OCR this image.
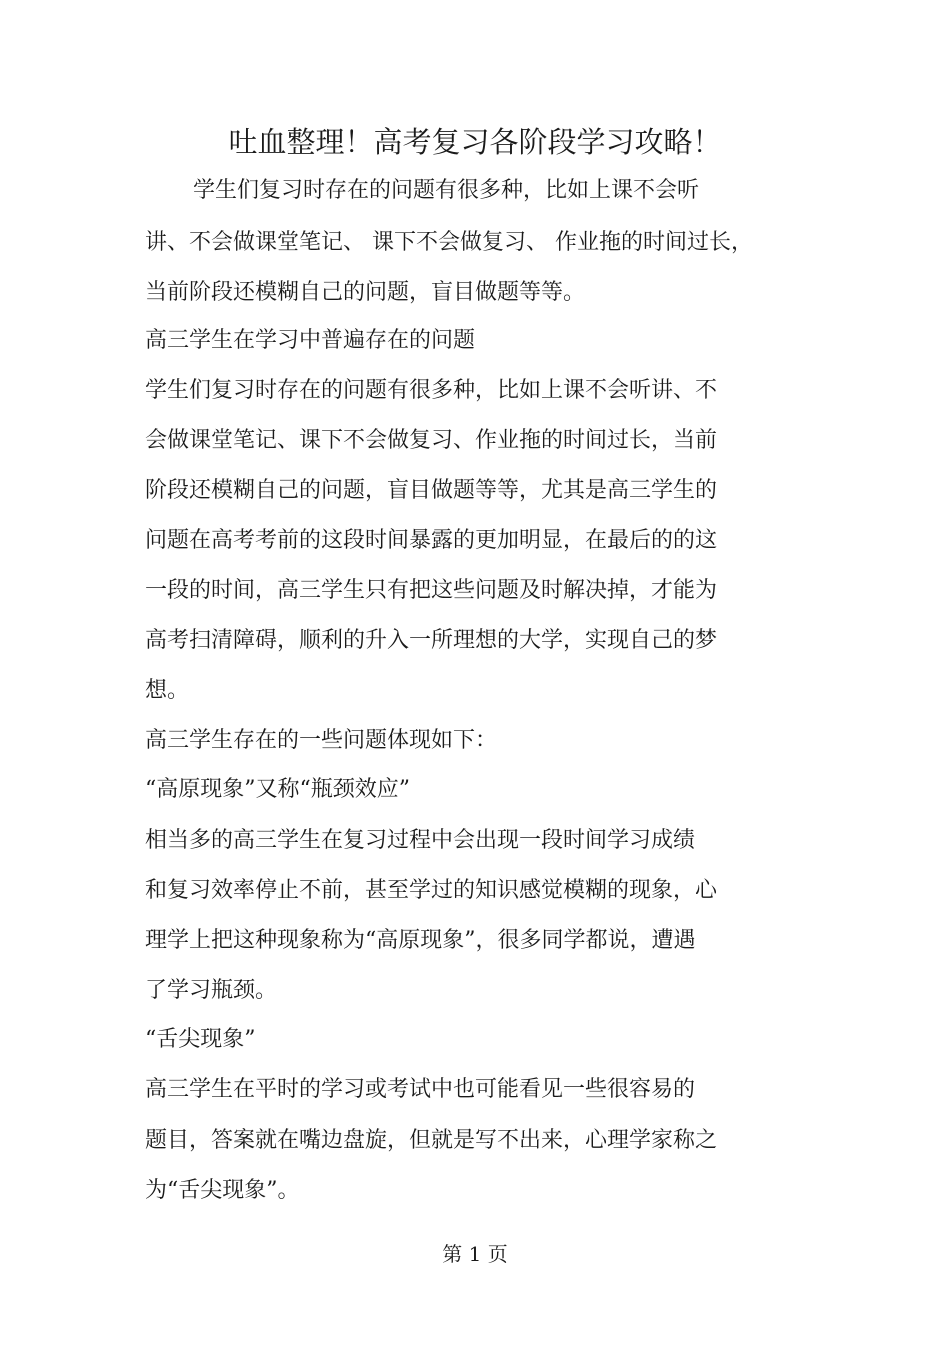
吐血整理！高考复习各阶段学习攻略！
学生们复习时存在的问题有很多种，比如上课不会听
讲、不会做课堂笔记、 课下不会做复习、 作业拖的时间过长，
当前阶段还模糊自己的问题，盲目做题等等。
高三学生在学习中普遍存在的问题
学生们复习时存在的问题有很多种，比如上课不会听讲、不
会做课堂笔记、课下不会做复习、作业拖的时间过长，当前
阶段还模糊自己的问题，盲目做题等等，尤其是高三学生的
问题在高考考前的这段时间暴露的更加明显，在最后的的这
一段的时间，高三学生只有把这些问题及时解决掉，才能为
高考扫清障碍，顺利的升入一所理想的大学，实现自己的梦
想。
高三学生存在的一些问题体现如下：
“高原现象”又称“瓶颈效应”
相当多的高三学生在复习过程中会出现一段时间学习成绩
和复习效率停止不前，甚至学过的知识感觉模糊的现象，心
理学上把这种现象称为“高原现象”，很多同学都说，遭遇
了学习瓶颈。
“舌尖现象”
高三学生在平时的学习或考试中也可能看见一些很容易的
题目，答案就在嘴边盘旋，但就是写不出来，心理学家称之
为“舌尖现象”。
第 1 页
